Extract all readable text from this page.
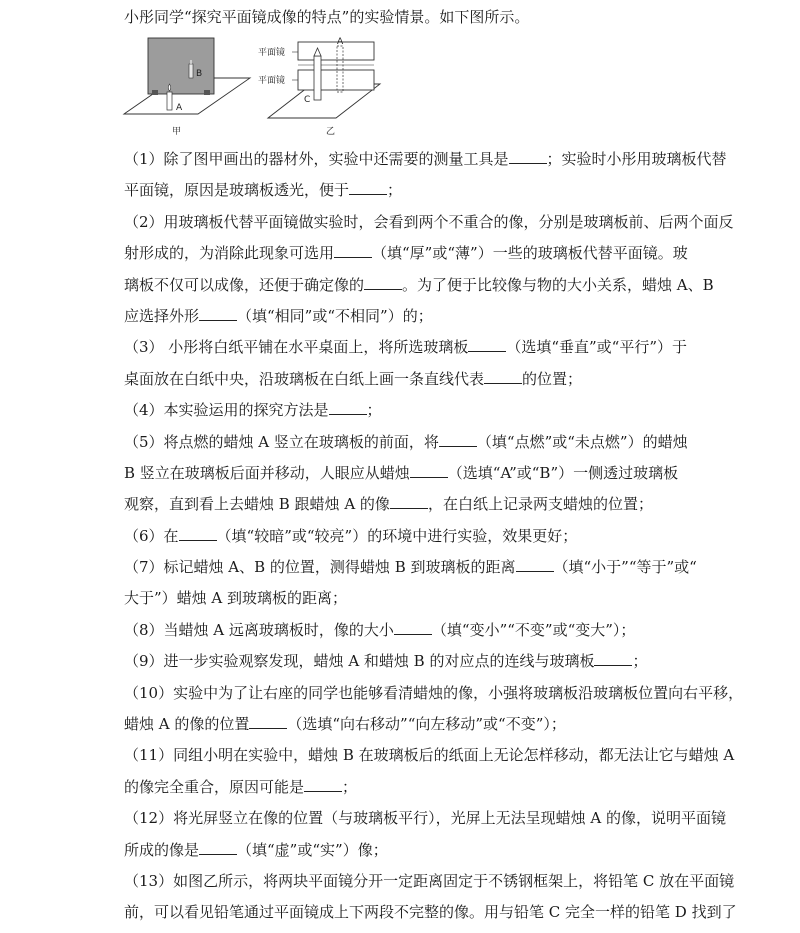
小彤同学“探究平面镜成像的特点”的实验情景。如下图所示。
B
A
甲
平面镜
平面镜
A
C
乙
（1）除了图甲画出的器材外，实验中还需要的测量工具是	；实验时小彤用玻璃板代替
平面镜，原因是玻璃板透光，便于	；
（2）用玻璃板代替平面镜做实验时，会看到两个不重合的像，分别是玻璃板前、后两个面反
射形成的，为消除此现象可选用	（填“厚”或“薄”）一些的玻璃板代替平面镜。玻
璃板不仅可以成像，还便于确定像的	。为了便于比较像与物的大小关系，蜡烛 A、B
应选择外形	（填“相同”或“不相同”）的；
（3） 小彤将白纸平铺在水平桌面上，将所选玻璃板	（选填“垂直”或“平行”）于
桌面放在白纸中央，沿玻璃板在白纸上画一条直线代表	的位置；
（4）本实验运用的探究方法是	；
（5）将点燃的蜡烛 A 竖立在玻璃板的前面，将	（填“点燃”或“未点燃”）的蜡烛
B 竖立在玻璃板后面并移动，人眼应从蜡烛	（选填“A”或“B”）一侧透过玻璃板
观察，直到看上去蜡烛 B 跟蜡烛 A 的像	，在白纸上记录两支蜡烛的位置；
（6）在	（填“较暗”或“较亮”）的环境中进行实验，效果更好；
（7）标记蜡烛 A、B 的位置，测得蜡烛 B 到玻璃板的距离	（填“小于”“等于”或“
大于”）蜡烛 A 到玻璃板的距离；
（8）当蜡烛 A 远离玻璃板时，像的大小	（填“变小”“不变”或“变大”）；
（9）进一步实验观察发现，蜡烛 A 和蜡烛 B 的对应点的连线与玻璃板	；
（10）实验中为了让右座的同学也能够看清蜡烛的像，小强将玻璃板沿玻璃板位置向右平移，
蜡烛 A 的像的位置	（选填“向右移动”“向左移动”或“不变”）；
（11）同组小明在实验中，蜡烛 B 在玻璃板后的纸面上无论怎样移动，都无法让它与蜡烛 A
的像完全重合，原因可能是	；
（12）将光屏竖立在像的位置（与玻璃板平行），光屏上无法呈现蜡烛 A 的像，说明平面镜
所成的像是	（填“虚”或“实”）像；
（13）如图乙所示，将两块平面镜分开一定距离固定于不锈钢框架上，将铅笔 C 放在平面镜
前，可以看见铅笔通过平面镜成上下两段不完整的像。用与铅笔 C 完全一样的铅笔 D 找到了
